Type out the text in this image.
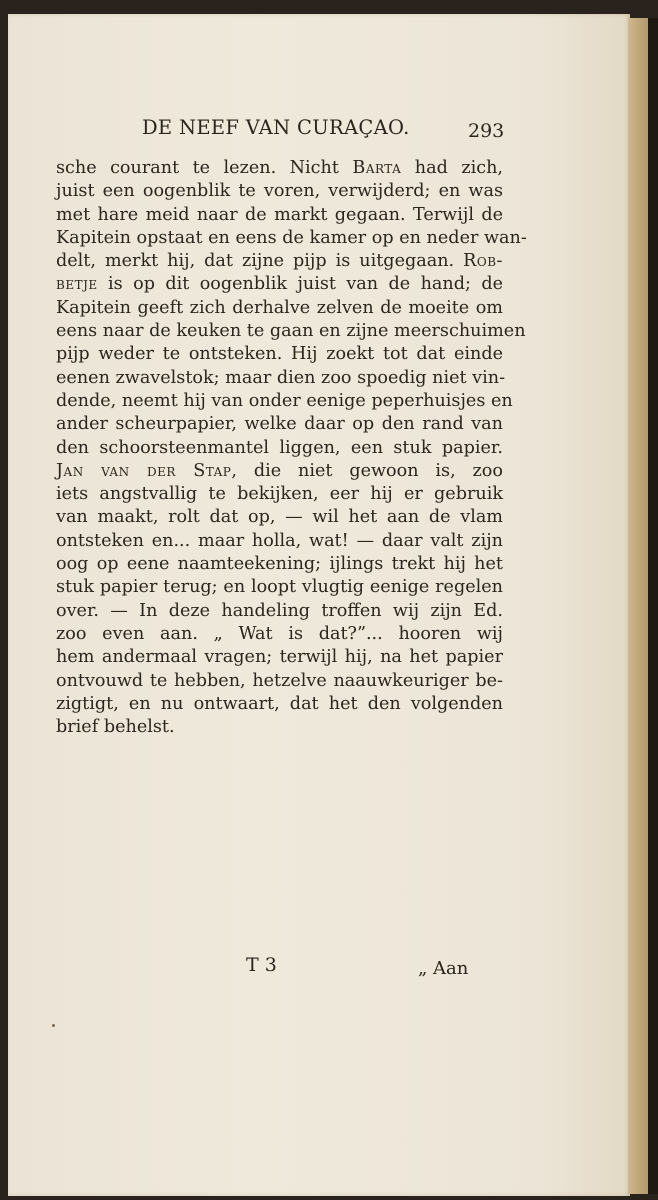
DE NEEF VAN CURAÇAO.	293
sche courant te lezen. Nicht Barta had zich,
juist een oogenblik te voren, verwijderd; en was
met hare meid naar de markt gegaan. Terwijl de
Kapitein opstaat en eens de kamer op en neder wan-
delt, merkt hij, dat zijne pijp is uitgegaan. Rob-
betje is op dit oogenblik juist van de hand; de
Kapitein geeft zich derhalve zelven de moeite om
eens naar de keuken te gaan en zijne meerschuimen
pijp weder te ontsteken. Hij zoekt tot dat einde
eenen zwavelstok; maar dien zoo spoedig niet vin-
dende, neemt hij van onder eenige peperhuisjes en
ander scheurpapier, welke daar op den rand van
den schoorsteenmantel liggen, een stuk papier.
Jan van der Stap, die niet gewoon is, zoo
iets angstvallig te bekijken, eer hij er gebruik
van maakt, rolt dat op, — wil het aan de vlam
ontsteken en... maar holla, wat! — daar valt zijn
oog op eene naamteekening; ijlings trekt hij het
stuk papier terug; en loopt vlugtig eenige regelen
over. — In deze handeling troffen wij zijn Ed.
zoo even aan. „ Wat is dat?”... hooren wij
hem andermaal vragen; terwijl hij, na het papier
ontvouwd te hebben, hetzelve naauwkeuriger be-
zigtigt, en nu ontwaart, dat het den volgenden
brief behelst.
T 3	„ Aan
